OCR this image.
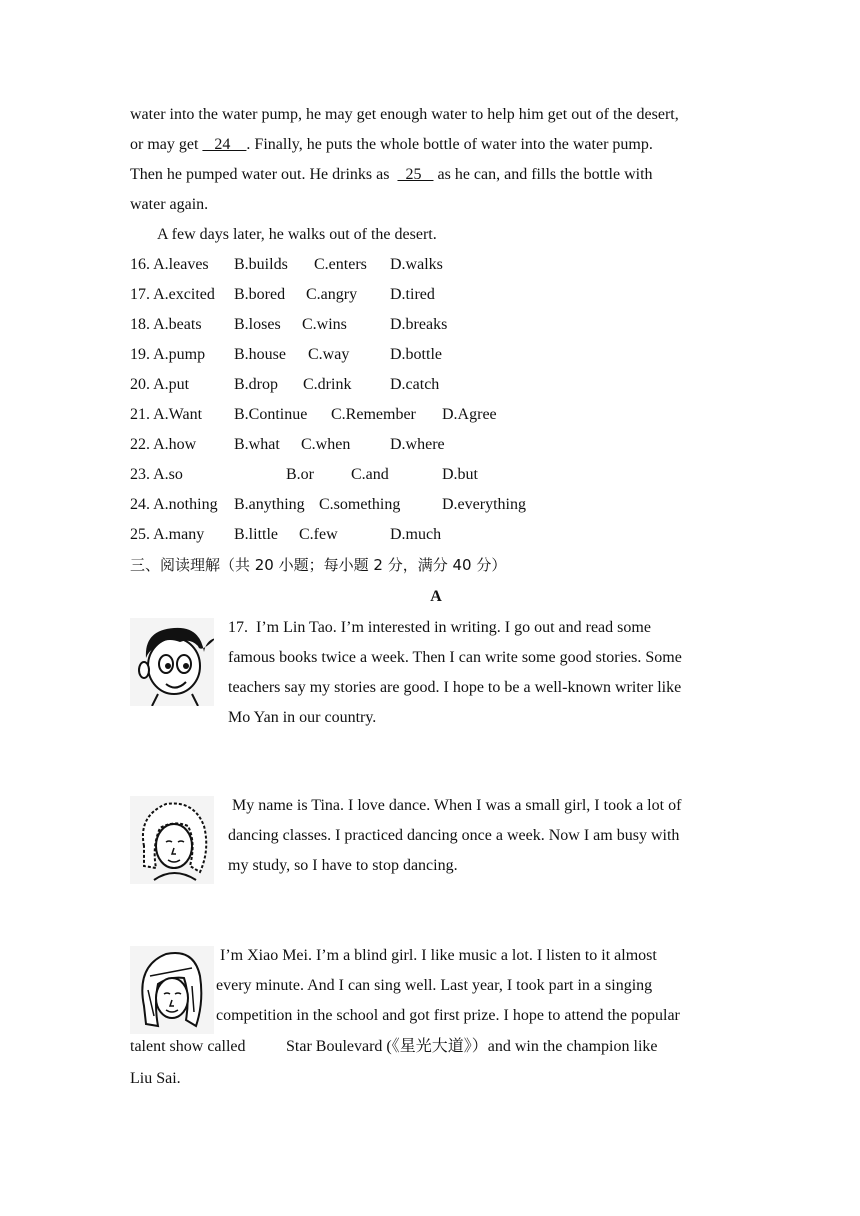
water into the water pump, he may get enough water to help him get out of the desert,
or may get    24    . Finally, he puts the whole bottle of water into the water pump.
Then he pumped water out. He drinks as    25    as he can, and fills the bottle with
water again.
A few days later, he walks out of the desert.
16. A.leaves B.builds C.enters D.walks
17. A.excited B.bored C.angry D.tired
18. A.beats B.loses C.wins	D.breaks
19. A.pump B.house C.way	D.bottle
20. A.put	B.drop C.drink D.catch
21. A.Want B.Continue C.Remember D.Agree
22. A.how B.what C.when D.where
23. A.so	B.or C.and	D.but
24. A.nothing B.anything C.something	D.everything
25. A.many B.little C.few	D.much
三、阅读理解（共 20 小题；每小题 2 分，满分 40 分）
A
17.  I’m Lin Tao. I’m interested in writing. I go out and read some
famous books twice a week. Then I can write some good stories. Some
teachers say my stories are good. I hope to be a well-known writer like
Mo Yan in our country.
My name is Tina. I love dance. When I was a small girl, I took a lot of
dancing classes. I practiced dancing once a week. Now I am busy with
my study, so I have to stop dancing.
I’m Xiao Mei. I’m a blind girl. I like music a lot. I listen to it almost
every minute. And I can sing well. Last year, I took part in a singing
competition in the school and got first prize. I hope to attend the popular
talent show called	Star Boulevard (《星光大道》）and win the champion like
Liu Sai.
